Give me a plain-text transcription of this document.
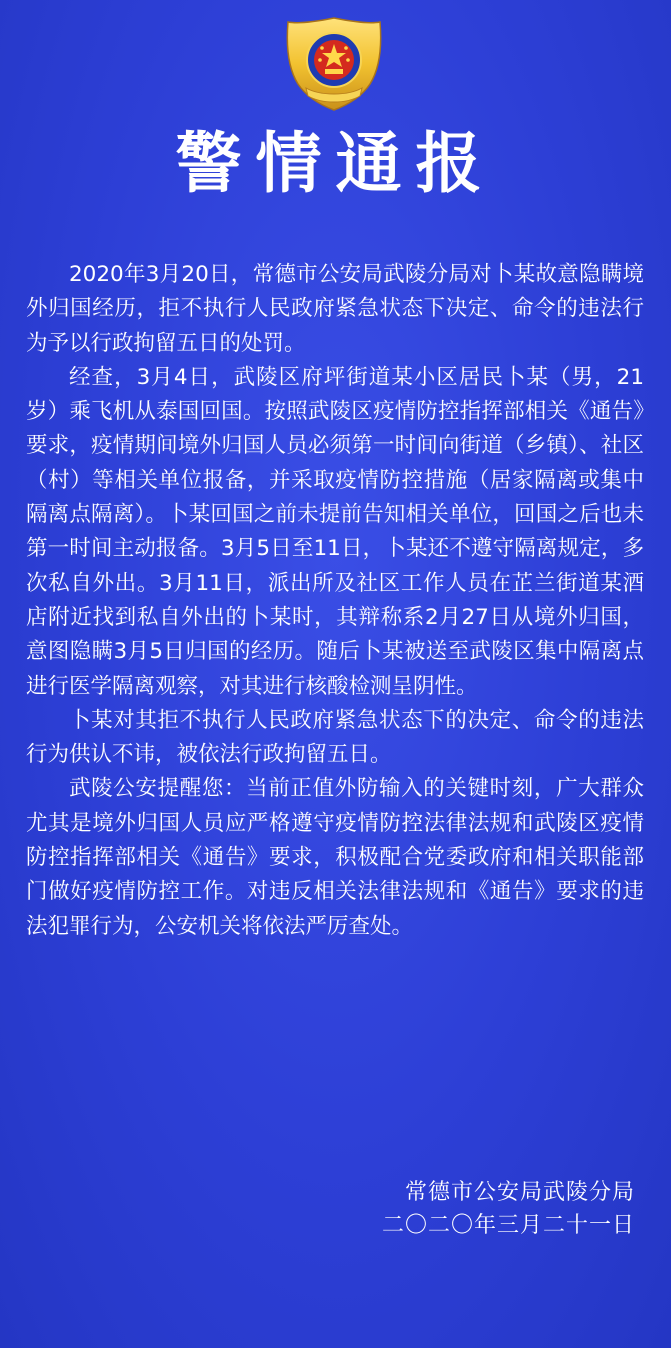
警情通报

2020年3月20日，常德市公安局武陵分局对卜某故意隐瞒境外归国经历，拒不执行人民政府紧急状态下决定、命令的违法行为予以行政拘留五日的处罚。

经查，3月4日，武陵区府坪街道某小区居民卜某（男，21岁）乘飞机从泰国回国。按照武陵区疫情防控指挥部相关《通告》要求，疫情期间境外归国人员必须第一时间向街道（乡镇）、社区（村）等相关单位报备，并采取疫情防控措施（居家隔离或集中隔离点隔离）。卜某回国之前未提前告知相关单位，回国之后也未第一时间主动报备。3月5日至11日，卜某还不遵守隔离规定，多次私自外出。3月11日，派出所及社区工作人员在芷兰街道某酒店附近找到私自外出的卜某时，其辩称系2月27日从境外归国，意图隐瞒3月5日归国的经历。随后卜某被送至武陵区集中隔离点进行医学隔离观察，对其进行核酸检测呈阴性。

卜某对其拒不执行人民政府紧急状态下的决定、命令的违法行为供认不讳，被依法行政拘留五日。

武陵公安提醒您：当前正值外防输入的关键时刻，广大群众尤其是境外归国人员应严格遵守疫情防控法律法规和武陵区疫情防控指挥部相关《通告》要求，积极配合党委政府和相关职能部门做好疫情防控工作。对违反相关法律法规和《通告》要求的违法犯罪行为，公安机关将依法严厉查处。

常德市公安局武陵分局
二〇二〇年三月二十一日
